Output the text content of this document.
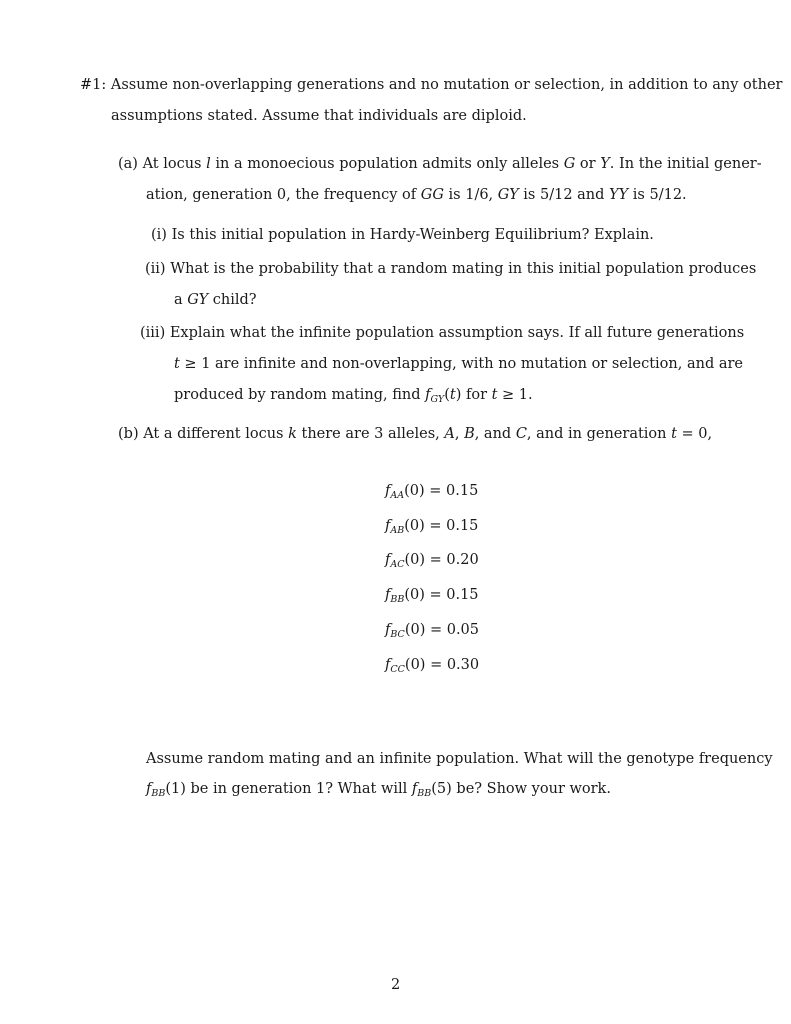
#1: Assume non-overlapping generations and no mutation or selection, in addition to any other
assumptions stated. Assume that individuals are diploid.
(a) At locus l in a monoecious population admits only alleles G or Y. In the initial gener-
ation, generation 0, the frequency of GG is 1/6, GY is 5/12 and YY is 5/12.
(i) Is this initial population in Hardy-Weinberg Equilibrium? Explain.
(ii) What is the probability that a random mating in this initial population produces
a GY child?
(iii) Explain what the infinite population assumption says. If all future generations
t ≥ 1 are infinite and non-overlapping, with no mutation or selection, and are
produced by random mating, find $f_{GY}(t)$ for t ≥ 1.
(b) At a different locus k there are 3 alleles, A, B, and C, and in generation t = 0,
$f_{AA}(0) = 0.15$
$f_{AB}(0) = 0.15$
$f_{AC}(0) = 0.20$
$f_{BB}(0) = 0.15$
$f_{BC}(0) = 0.05$
$f_{CC}(0) = 0.30$
Assume random mating and an infinite population. What will the genotype frequency
$f_{BB}(1)$ be in generation 1? What will $f_{BB}(5)$ be? Show your work.
2
